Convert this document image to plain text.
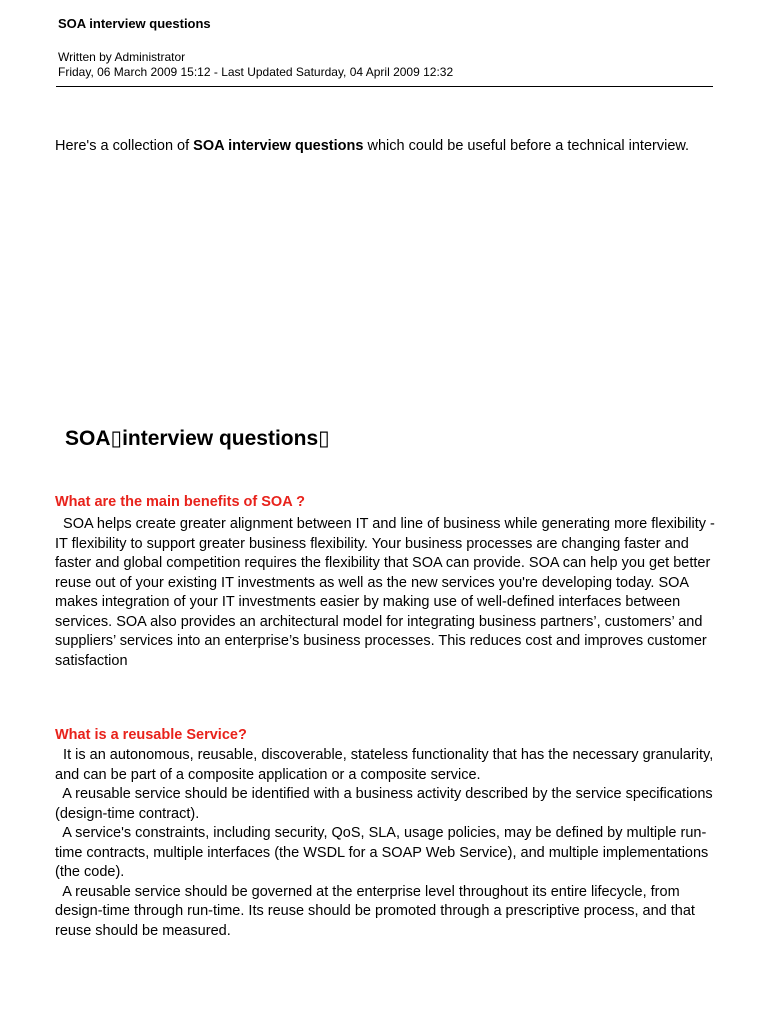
SOA interview questions
Written by Administrator
Friday, 06 March 2009 15:12 - Last Updated Saturday, 04 April 2009 12:32
Here's a collection of SOA interview questions which could be useful before a technical interview.
SOA▯interview questions▯
What are the main benefits of SOA ?

SOA helps create greater alignment between IT and line of business while generating more flexibility - IT flexibility to support greater business flexibility. Your business processes are changing faster and faster and global competition requires the flexibility that SOA can provide. SOA can help you get better reuse out of your existing IT investments as well as the new services you're developing today. SOA makes integration of your IT investments easier by making use of well-defined interfaces between services. SOA also provides an architectural model for integrating business partners’, customers’ and suppliers’ services into an enterprise’s business processes. This reduces cost and improves customer satisfaction

What is a reusable Service?

It is an autonomous, reusable, discoverable, stateless functionality that has the necessary granularity, and can be part of a composite application or a composite service.

A reusable service should be identified with a business activity described by the service specifications (design-time contract).

A service's constraints, including security, QoS, SLA, usage policies, may be defined by multiple run-time contracts, multiple interfaces (the WSDL for a SOAP Web Service), and multiple implementations (the code).

A reusable service should be governed at the enterprise level throughout its entire lifecycle, from design-time through run-time. Its reuse should be promoted through a prescriptive process, and that reuse should be measured.
